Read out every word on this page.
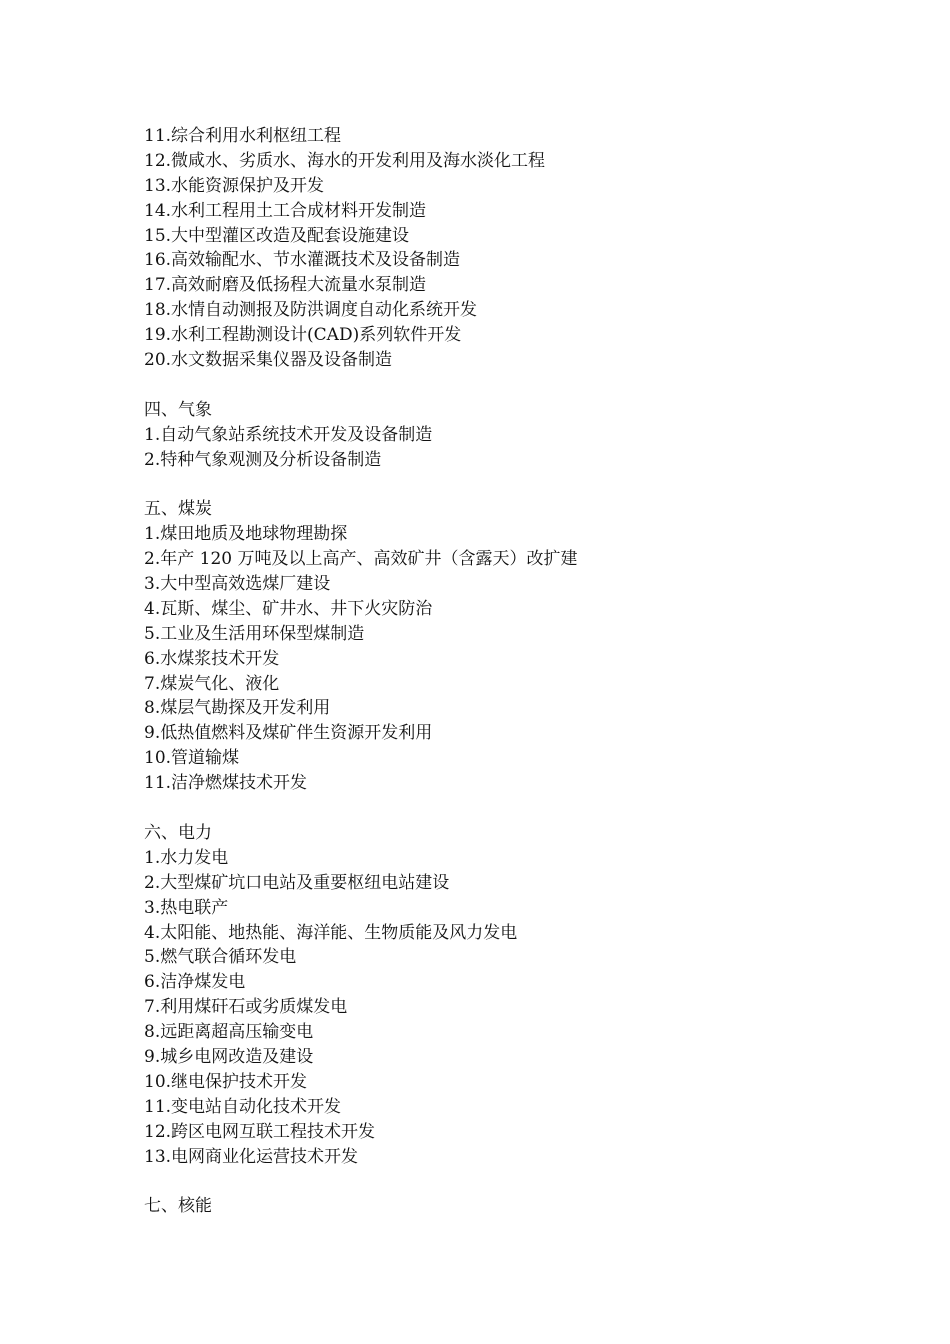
11.综合利用水利枢纽工程
12.微咸水、劣质水、海水的开发利用及海水淡化工程
13.水能资源保护及开发
14.水利工程用土工合成材料开发制造
15.大中型灌区改造及配套设施建设
16.高效输配水、节水灌溉技术及设备制造
17.高效耐磨及低扬程大流量水泵制造
18.水情自动测报及防洪调度自动化系统开发
19.水利工程勘测设计(CAD)系列软件开发
20.水文数据采集仪器及设备制造
四、气象
1.自动气象站系统技术开发及设备制造
2.特种气象观测及分析设备制造
五、煤炭
1.煤田地质及地球物理勘探
2.年产 120 万吨及以上高产、高效矿井（含露天）改扩建
3.大中型高效选煤厂建设
4.瓦斯、煤尘、矿井水、井下火灾防治
5.工业及生活用环保型煤制造
6.水煤浆技术开发
7.煤炭气化、液化
8.煤层气勘探及开发利用
9.低热值燃料及煤矿伴生资源开发利用
10.管道输煤
11.洁净燃煤技术开发
六、电力
1.水力发电
2.大型煤矿坑口电站及重要枢纽电站建设
3.热电联产
4.太阳能、地热能、海洋能、生物质能及风力发电
5.燃气联合循环发电
6.洁净煤发电
7.利用煤矸石或劣质煤发电
8.远距离超高压输变电
9.城乡电网改造及建设
10.继电保护技术开发
11.变电站自动化技术开发
12.跨区电网互联工程技术开发
13.电网商业化运营技术开发
七、核能
